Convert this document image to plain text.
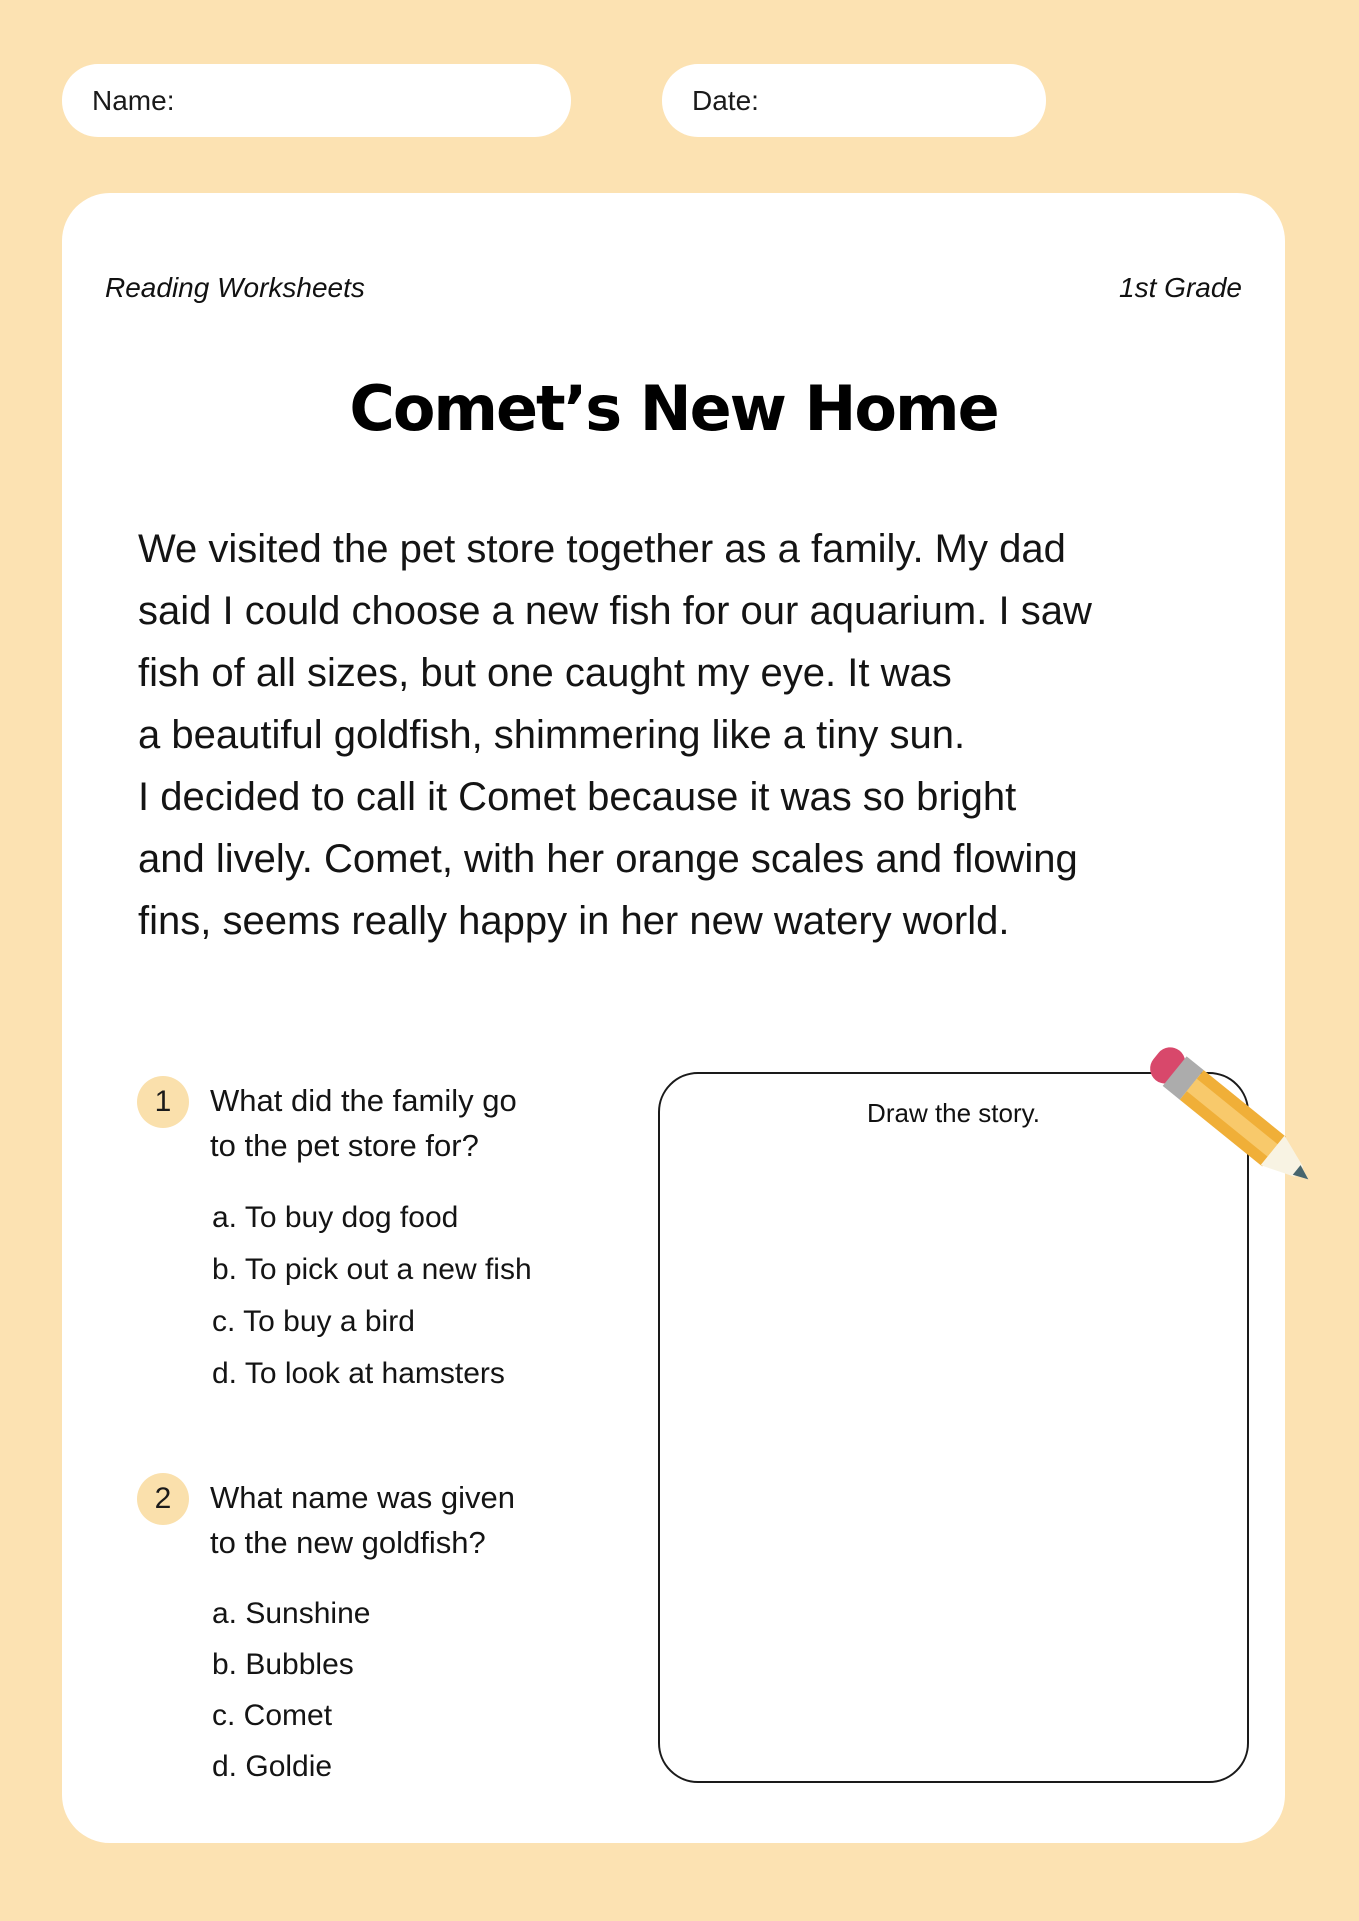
Name:	Date:
Reading Worksheets	1st Grade
Comet’s New Home
We visited the pet store together as a family. My dad
said I could choose a new fish for our aquarium. I saw
fish of all sizes, but one caught my eye. It was
a beautiful goldfish, shimmering like a tiny sun.
I decided to call it Comet because it was so bright
and lively. Comet, with her orange scales and flowing
fins, seems really happy in her new watery world.
1 What did the family go
to the pet store for?
a. To buy dog food
b. To pick out a new fish
c. To buy a bird
d. To look at hamsters
2 What name was given
to the new goldfish?
a. Sunshine
b. Bubbles
c. Comet
d. Goldie
Draw the story.
